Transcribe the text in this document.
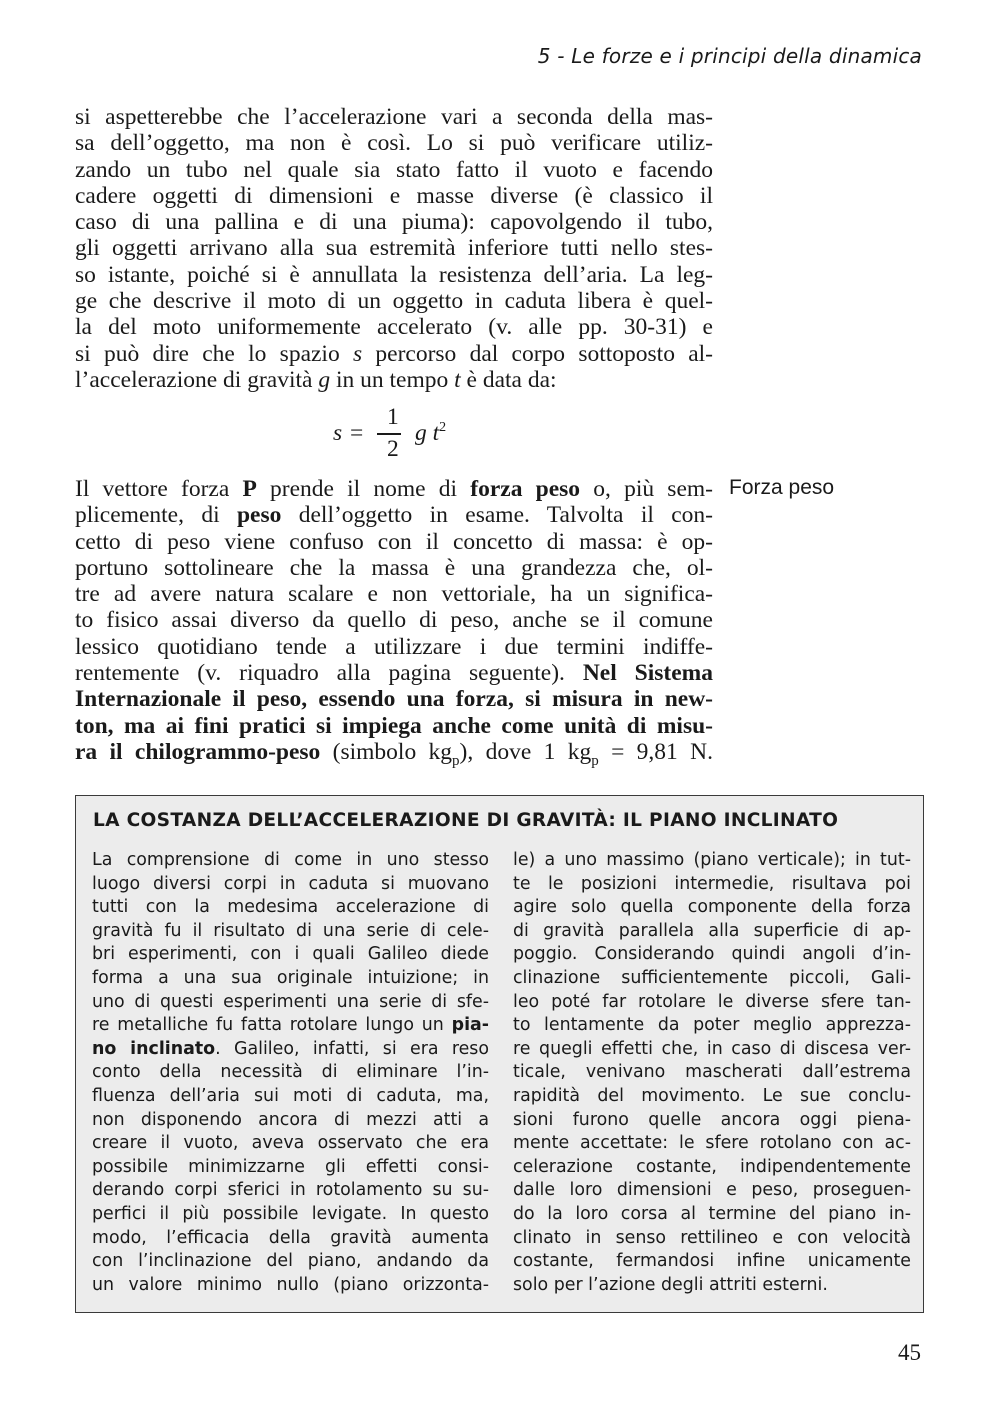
5 - Le forze e i principi della dinamica
si aspetterebbe che l’accelerazione vari a seconda della mas-
sa dell’oggetto, ma non è così. Lo si può verificare utiliz-
zando un tubo nel quale sia stato fatto il vuoto e facendo
cadere oggetti di dimensioni e masse diverse (è classico il
caso di una pallina e di una piuma): capovolgendo il tubo,
gli oggetti arrivano alla sua estremità inferiore tutti nello stes-
so istante, poiché si è annullata la resistenza dell’aria. La leg-
ge che descrive il moto di un oggetto in caduta libera è quel-
la del moto uniformemente accelerato (v. alle pp. 30-31) e
si può dire che lo spazio s percorso dal corpo sottoposto al-
l’accelerazione di gravità g in un tempo t è data da:
s =
1
2
g $t^2$
Forza peso
Il vettore forza P prende il nome di forza peso o, più sem-
plicemente, di peso dell’oggetto in esame. Talvolta il con-
cetto di peso viene confuso con il concetto di massa: è op-
portuno sottolineare che la massa è una grandezza che, ol-
tre ad avere natura scalare e non vettoriale, ha un significa-
to fisico assai diverso da quello di peso, anche se il comune
lessico quotidiano tende a utilizzare i due termini indiffe-
rentemente (v. riquadro alla pagina seguente). Nel Sistema
Internazionale il peso, essendo una forza, si misura in new-
ton, ma ai fini pratici si impiega anche come unità di misu-
ra il chilogrammo-peso (simbolo $kg_p$), dove 1 $kg_p = 9,81$ N.
LA COSTANZA DELL’ACCELERAZIONE DI GRAVITÀ: IL PIANO INCLINATO
La comprensione di come in uno stesso
luogo diversi corpi in caduta si muovano
tutti con la medesima accelerazione di
gravità fu il risultato di una serie di cele-
bri esperimenti, con i quali Galileo diede
forma a una sua originale intuizione; in
uno di questi esperimenti una serie di sfe-
re metalliche fu fatta rotolare lungo un pia-
no inclinato. Galileo, infatti, si era reso
conto della necessità di eliminare l’in-
fluenza dell’aria sui moti di caduta, ma,
non disponendo ancora di mezzi atti a
creare il vuoto, aveva osservato che era
possibile minimizzarne gli effetti consi-
derando corpi sferici in rotolamento su su-
perfici il più possibile levigate. In questo
modo, l’efficacia della gravità aumenta
con l’inclinazione del piano, andando da
un valore minimo nullo (piano orizzonta-
le) a uno massimo (piano verticale); in tut-
te le posizioni intermedie, risultava poi
agire solo quella componente della forza
di gravità parallela alla superficie di ap-
poggio. Considerando quindi angoli d’in-
clinazione sufficientemente piccoli, Gali-
leo poté far rotolare le diverse sfere tan-
to lentamente da poter meglio apprezza-
re quegli effetti che, in caso di discesa ver-
ticale, venivano mascherati dall’estrema
rapidità del movimento. Le sue conclu-
sioni furono quelle ancora oggi piena-
mente accettate: le sfere rotolano con ac-
celerazione costante, indipendentemente
dalle loro dimensioni e peso, proseguen-
do la loro corsa al termine del piano in-
clinato in senso rettilineo e con velocità
costante, fermandosi infine unicamente
solo per l’azione degli attriti esterni.
45
